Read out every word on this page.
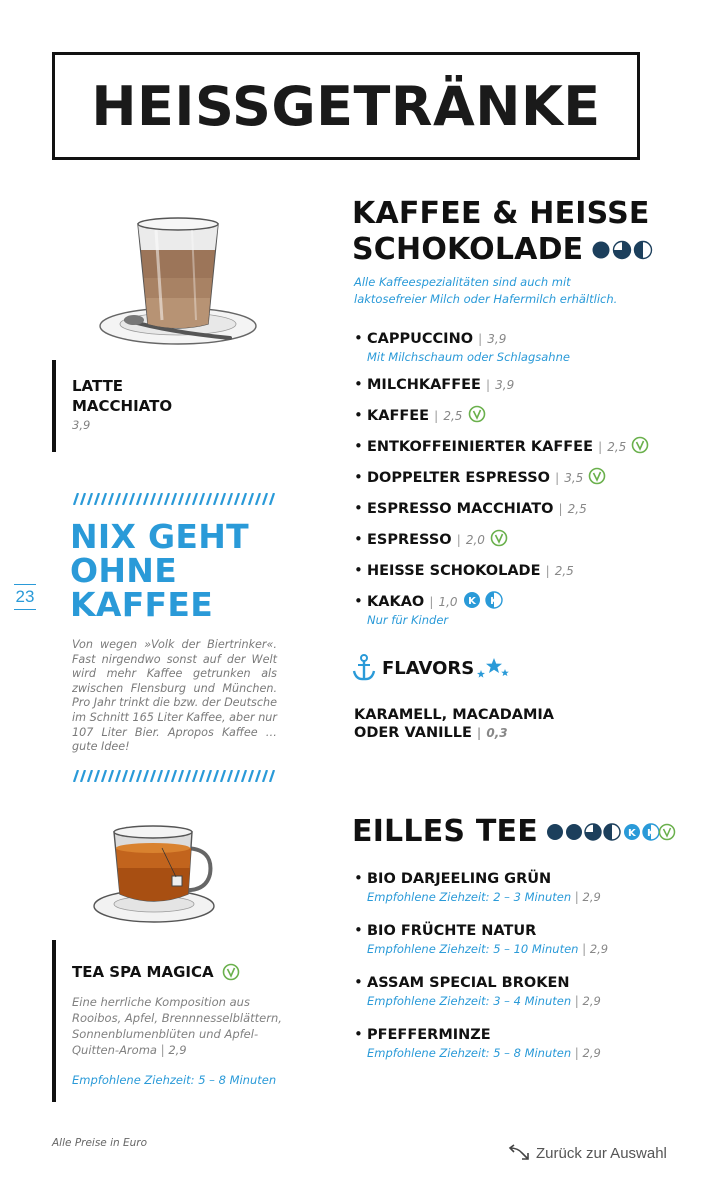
HEISSGETRÄNKE
LATTE
MACCHIATO
3,9
NIX GEHT
OHNE
KAFFEE
23
Von wegen »Volk der Biertrinker«. Fast nirgendwo sonst auf der Welt wird mehr Kaffee getrunken als zwischen Flensburg und München. Pro Jahr trinkt die bzw. der Deutsche im Schnitt 165 Liter Kaffee, aber nur 107 Liter Bier. Apropos Kaffee … gute Idee!
TEA SPA MAGICA
Eine herrliche Komposition aus Rooibos, Apfel, Brennnesselblättern, Sonnenblumenblüten und Apfel-Quitten-Aroma | 2,9
Empfohlene Ziehzeit: 5 – 8 Minuten
KAFFEE & HEISSE
SCHOKOLADE
Alle Kaffeespezialitäten sind auch mit
laktosefreier Milch oder Hafermilch erhältlich.
• CAPPUCCINO | 3,9
Mit Milchschaum oder Schlagsahne
• MILCHKAFFEE | 3,9
• KAFFEE | 2,5
• ENTKOFFEINIERTER KAFFEE | 2,5
• DOPPELTER ESPRESSO | 3,5
• ESPRESSO MACCHIATO | 2,5
• ESPRESSO | 2,0
• HEISSE SCHOKOLADE | 2,5
• KAKAO | 1,0 K K
Nur für Kinder
FLAVORS
KARAMELL, MACADAMIA
ODER VANILLE | 0,3
EILLES TEE	K K
• BIO DARJEELING GRÜN
Empfohlene Ziehzeit: 2 – 3 Minuten | 2,9
• BIO FRÜCHTE NATUR
Empfohlene Ziehzeit: 5 – 10 Minuten | 2,9
• ASSAM SPECIAL BROKEN
Empfohlene Ziehzeit: 3 – 4 Minuten | 2,9
• PFEFFERMINZE
Empfohlene Ziehzeit: 5 – 8 Minuten | 2,9
Alle Preise in Euro
Zurück zur Auswahl
